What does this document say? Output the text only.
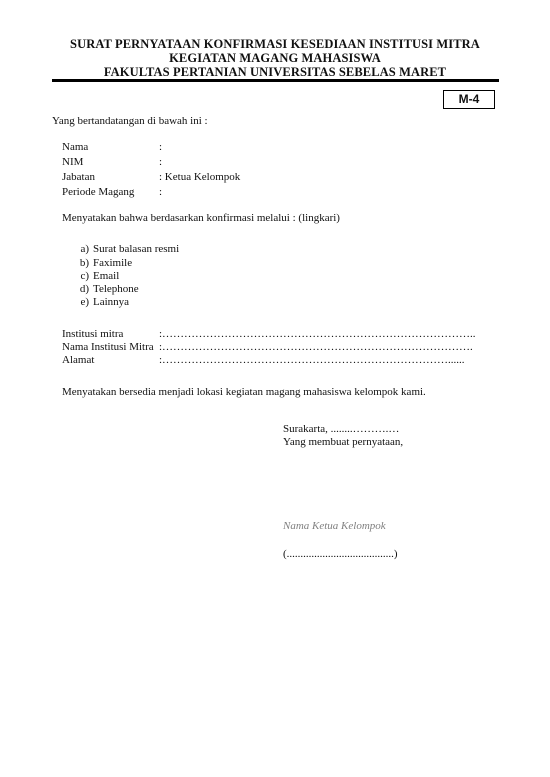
SURAT PERNYATAAN KONFIRMASI KESEDIAAN INSTITUSI MITRA
KEGIATAN MAGANG MAHASISWA
FAKULTAS PERTANIAN UNIVERSITAS SEBELAS MARET
M-4
Yang bertandatangan di bawah ini :
Nama	:
NIM	:
Jabatan	: Ketua Kelompok
Periode Magang :
Menyatakan bahwa berdasarkan konfirmasi melalui : (lingkari)
a) Surat balasan resmi
b) Faximile
c) Email
d) Telephone
e) Lainnya
Institusi mitra	:…………………………………………………………………………..
Nama Institusi Mitra :………………………………………………………………………….
Alamat	:……………………………………………………………………......
Menyatakan bersedia menjadi lokasi kegiatan magang mahasiswa kelompok kami.
Surakarta, ........……….…
Yang membuat pernyataan,
Nama Ketua Kelompok
(.......................................)
